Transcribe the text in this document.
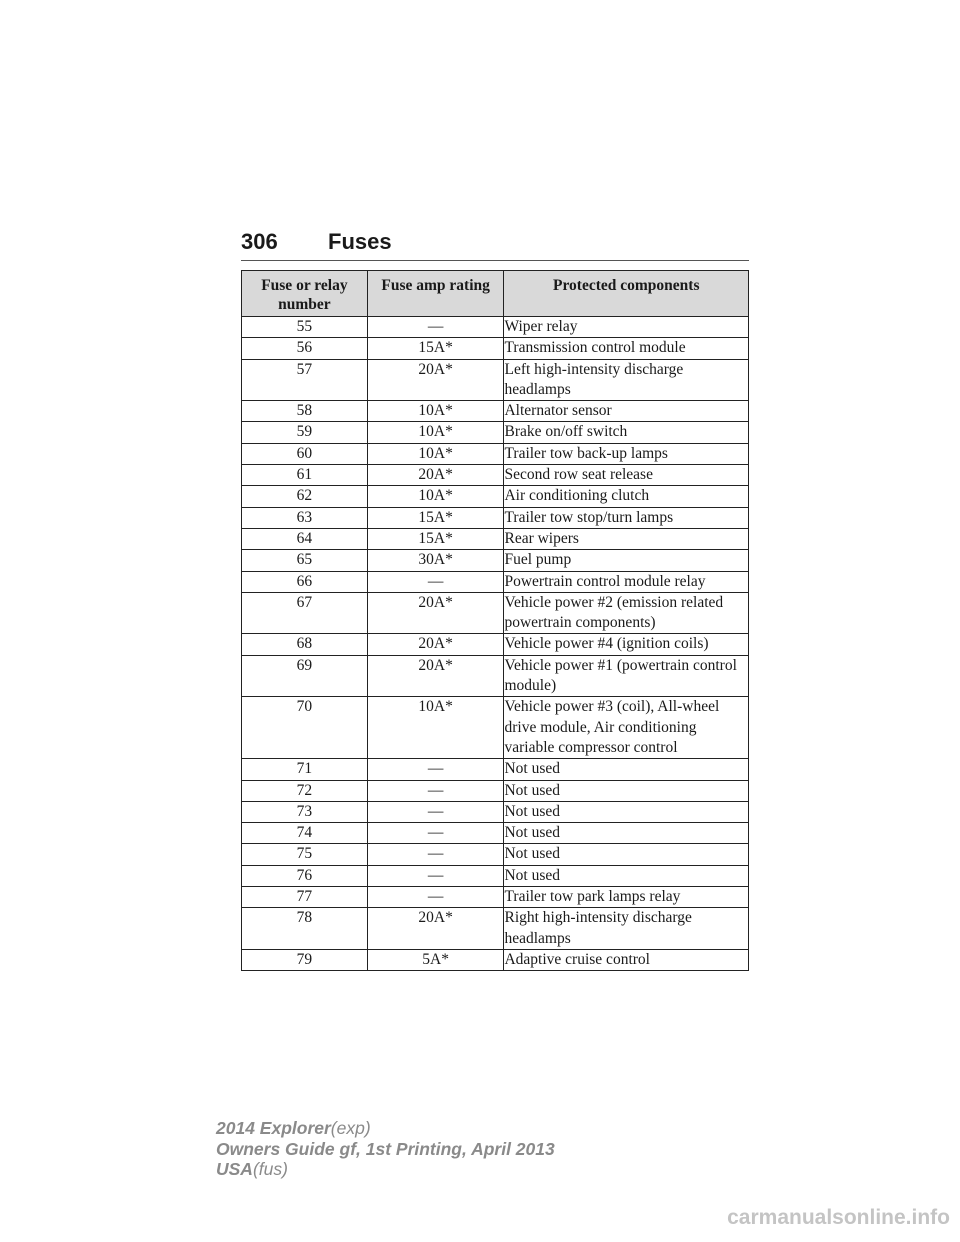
306 Fuses
Fuse or relay number	Fuse amp rating	Protected components
55	—	Wiper relay
56	15A*	Transmission control module
57	20A*	Left high-intensity discharge headlamps
58	10A*	Alternator sensor
59	10A*	Brake on/off switch
60	10A*	Trailer tow back-up lamps
61	20A*	Second row seat release
62	10A*	Air conditioning clutch
63	15A*	Trailer tow stop/turn lamps
64	15A*	Rear wipers
65	30A*	Fuel pump
66	—	Powertrain control module relay
67	20A*	Vehicle power #2 (emission related powertrain components)
68	20A*	Vehicle power #4 (ignition coils)
69	20A*	Vehicle power #1 (powertrain control module)
70	10A*	Vehicle power #3 (coil), All-wheel drive module, Air conditioning variable compressor control
71	—	Not used
72	—	Not used
73	—	Not used
74	—	Not used
75	—	Not used
76	—	Not used
77	—	Trailer tow park lamps relay
78	20A*	Right high-intensity discharge headlamps
79	5A*	Adaptive cruise control
2014 Explorer(exp)
Owners Guide gf, 1st Printing, April 2013
USA(fus)
carmanualsonline.info
